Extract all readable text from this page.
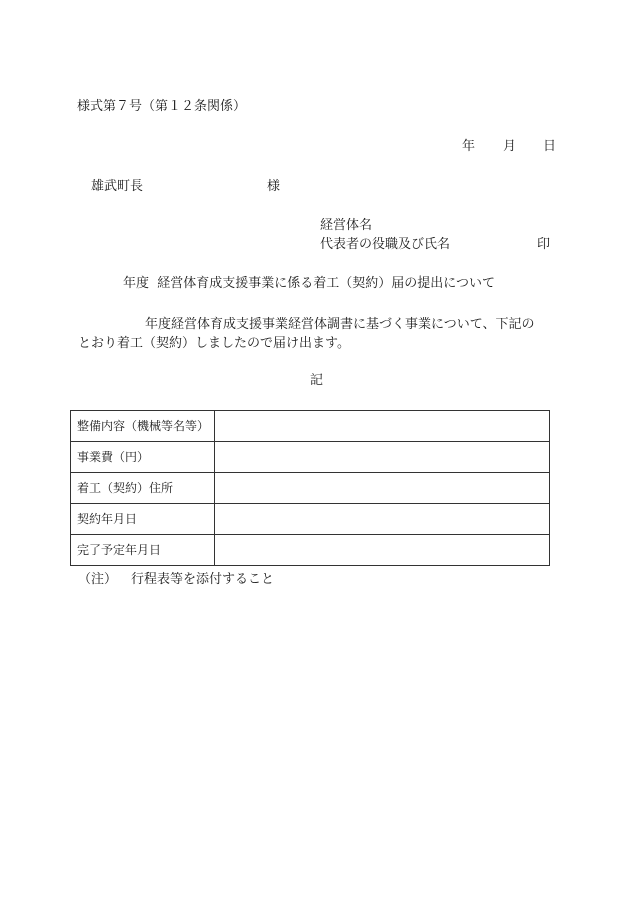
様式第７号（第１２条関係）
年 月 日
雄武町長	様
経営体名
代表者の役職及び氏名	印
年度  経営体育成支援事業に係る着工（契約）届の提出について
年度経営体育成支援事業経営体調書に基づく事業について、下記の
とおり着工（契約）しましたので届け出ます。
記
整備内容（機械等名等）	
事業費（円）	
着工（契約）住所	
契約年月日	
完了予定年月日	
（注） 行程表等を添付すること
